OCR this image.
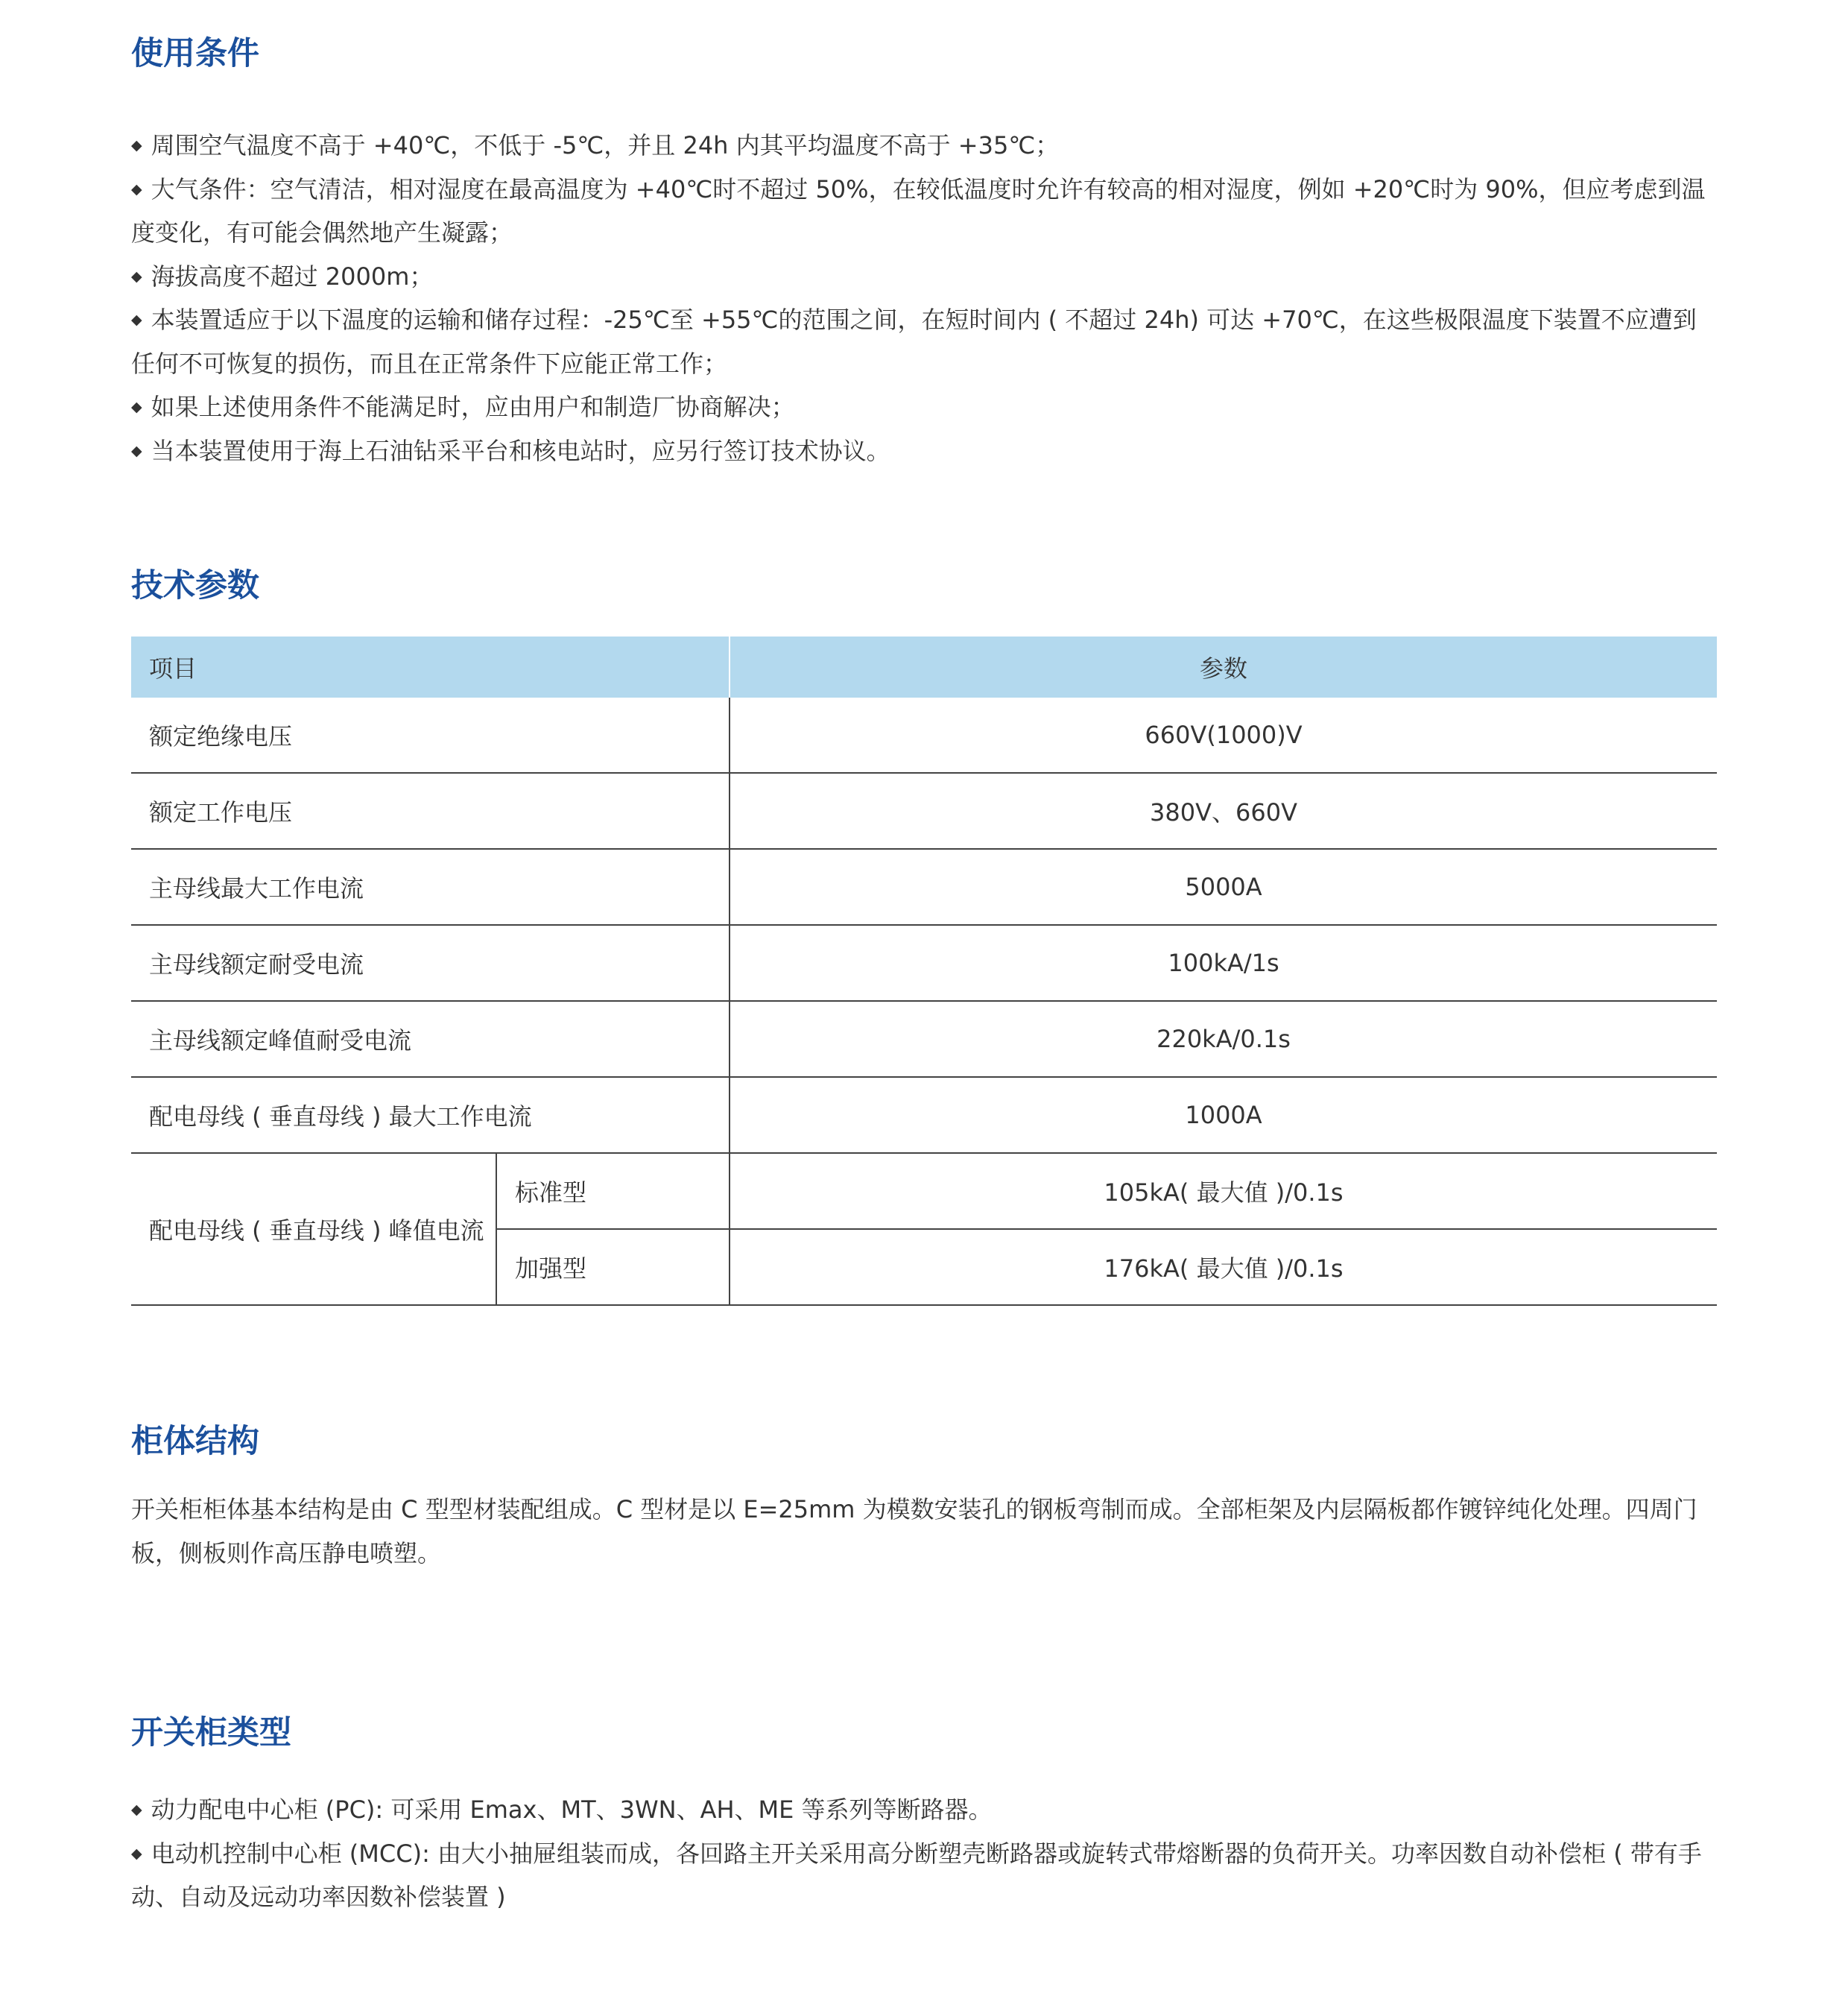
使用条件

◆ 周围空气温度不高于 +40℃，不低于 -5℃，并且 24h 内其平均温度不高于 +35℃；

◆ 大气条件：空气清洁，相对湿度在最高温度为 +40℃时不超过 50%，在较低温度时允许有较高的相对湿度，例如 +20℃时为 90%，但应考虑到温度变化，有可能会偶然地产生凝露；

◆ 海拔高度不超过 2000m；

◆ 本装置适应于以下温度的运输和储存过程：-25℃至 +55℃的范围之间，在短时间内 ( 不超过 24h) 可达 +70℃，在这些极限温度下装置不应遭到任何不可恢复的损伤，而且在正常条件下应能正常工作；

◆ 如果上述使用条件不能满足时，应由用户和制造厂协商解决；

◆ 当本装置使用于海上石油钻采平台和核电站时，应另行签订技术协议。

技术参数
项目		参数
额定绝缘电压		660V(1000)V
额定工作电压		380V、660V
主母线最大工作电流		5000A
主母线额定耐受电流		100kA/1s
主母线额定峰值耐受电流		220kA/0.1s
配电母线 ( 垂直母线 ) 最大工作电流		1000A
配电母线 ( 垂直母线 ) 峰值电流	标准型	105kA( 最大值 )/0.1s
	加强型	176kA( 最大值 )/0.1s
柜体结构

开关柜柜体基本结构是由 C 型型材装配组成。C 型材是以 E=25mm 为模数安装孔的钢板弯制而成。全部柜架及内层隔板都作镀锌纯化处理。四周门板，侧板则作高压静电喷塑。

开关柜类型

◆ 动力配电中心柜 (PC): 可采用 Emax、MT、3WN、AH、ME 等系列等断路器。

◆ 电动机控制中心柜 (MCC): 由大小抽屉组装而成，各回路主开关采用高分断塑壳断路器或旋转式带熔断器的负荷开关。功率因数自动补偿柜 ( 带有手动、自动及远动功率因数补偿装置 )
